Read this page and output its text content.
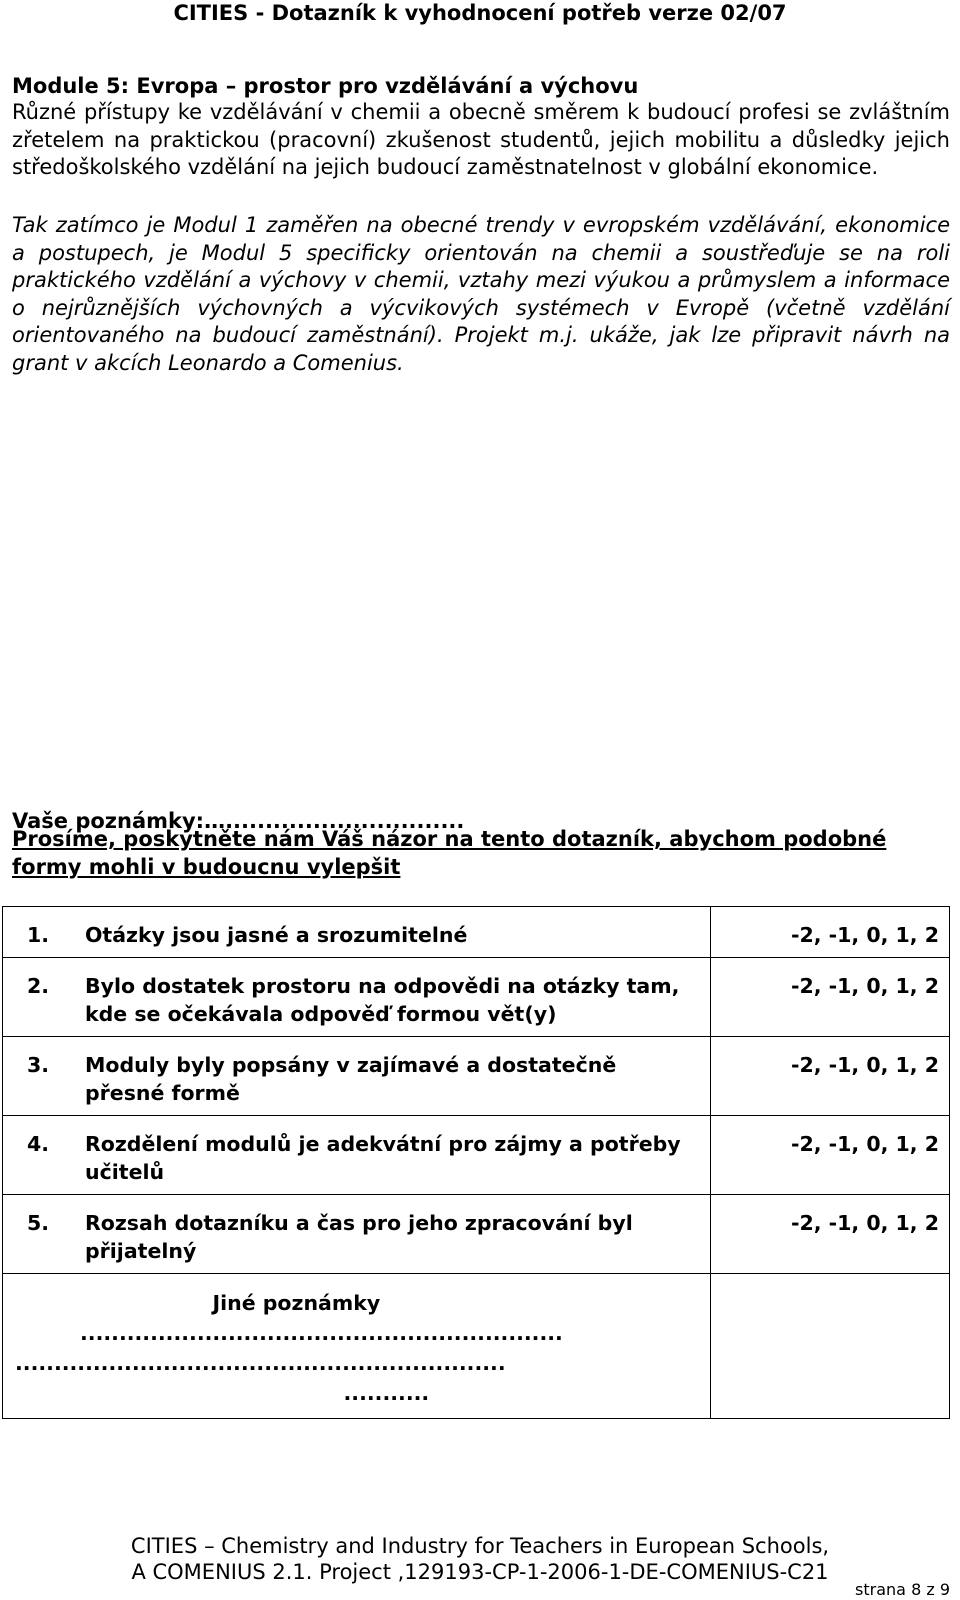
CITIES - Dotazník k vyhodnocení potřeb verze 02/07
Module 5: Evropa – prostor pro vzdělávání a výchovu
Různé přístupy ke vzdělávání v chemii a obecně směrem k budoucí profesi se zvláštním zřetelem na praktickou (pracovní) zkušenost studentů, jejich mobilitu a důsledky jejich středoškolského vzdělání na jejich budoucí zaměstnatelnost v globální ekonomice.
Tak zatímco je Modul 1 zaměřen na obecné trendy v evropském vzdělávání, ekonomice a postupech, je Modul 5 specificky orientován na chemii a soustřeďuje se na roli praktického vzdělání a výchovy v chemii, vztahy mezi výukou a průmyslem a informace o nejrůznějších výchovných a výcvikových systémech v Evropě (včetně vzdělání orientovaného na budoucí zaměstnání). Projekt m.j. ukáže, jak lze připravit návrh na grant v akcích Leonardo a Comenius.
Vaše poznámky:…..............................
Prosíme, poskytněte nám Váš názor na tento dotazník, abychom podobné formy mohli v budoucnu vylepšit
1. Otázky jsou jasné a srozumitelné	-2, -1, 0, 1, 2

2. Bylo dostatek prostoru na odpovědi na otázky tam, kde se očekávala odpověď formou vět(y)	-2, -1, 0, 1, 2

3. Moduly byly popsány v zajímavé a dostatečně přesné formě	-2, -1, 0, 1, 2

4. Rozdělení modulů je adekvátní pro zájmy a potřeby učitelů	-2, -1, 0, 1, 2

5. Rozsah dotazníku a čas pro jeho zpracování byl přijatelný	-2, -1, 0, 1, 2

Jiné poznámky
..............................................................
...............................................................
...........	

CITIES – Chemistry and Industry for Teachers in European Schools,
A COMENIUS 2.1. Project ,129193-CP-1-2006-1-DE-COMENIUS-C21
strana 8 z 9
